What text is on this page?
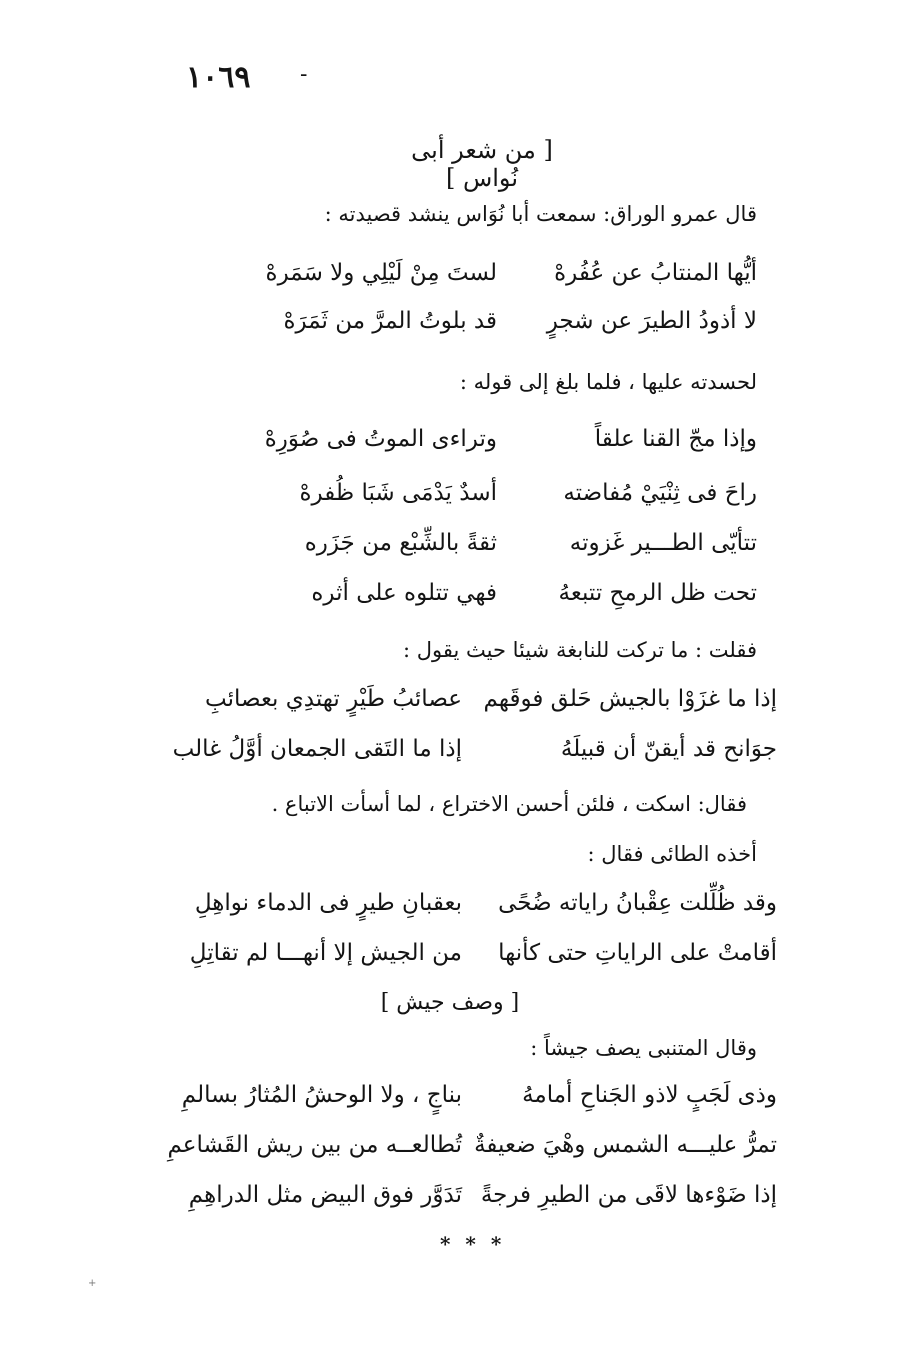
١٠٦٩ -
[ من شعر أبى نُواس ]
قال عمرو الوراق: سمعت أبا نُوَاس ينشد قصيدته :
أيُّها المنتابُ عن عُفُرهْ
لستَ مِنْ لَيْلِي ولا سَمَرهْ
لا أذودُ الطيرَ عن شجرٍ
قد بلوتُ المرَّ من ثَمَرَهْ
لحسدته عليها ، فلما بلغ إلى قوله :
وإذا مجّ القنا علقاً
وتراءى الموتُ فى صُوَرِهْ
راحَ فى ثِنْيَيْ مُفاضته
أسدٌ يَدْمَى شَبَا ظُفرهْ
تتأيّى الطـــير غَزوته
ثقةً بالشِّبْع من جَزَره
تحت ظل الرمحِ تتبعهُ
فهي تتلوه على أثره
فقلت : ما تركت للنابغة شيئا حيث يقول :
إذا ما غزَوْا بالجيش حَلق فوقَهم
عصائبُ طَيْرٍ تهتدِي بعصائبِ
جوَانح قد أيقنّ أن قبيلَهُ
إذا ما التَقى الجمعان أوَّلُ غالب
فقال: اسكت ، فلئن أحسن الاختراع ، لما أسأت الاتباع .
أخذه الطائى فقال :
وقد ظُلِّلت عِقْبانُ راياته ضُحًى
بعقبانِ طيرٍ فى الدماء نواهِلِ
أقامتْ على الراياتِ حتى كأنها
من الجيش إلا أنهـــا لم تقاتِلِ
[ وصف جيش ]
وقال المتنبى يصف جيشاً :
وذى لَجَبٍ لاذو الجَناحِ أمامهُ
بناجٍ ، ولا الوحشُ المُثارُ بسالمِ
تمرُّ عليـــه الشمس وهْيَ ضعيفةٌ
تُطالعــه من بين ريش القَشاعمِ
إذا ضَوْءها لاقَى من الطيرِ فرجةً
تَدَوَّر فوق البيض مثل الدراهِمِ
* * *
+
